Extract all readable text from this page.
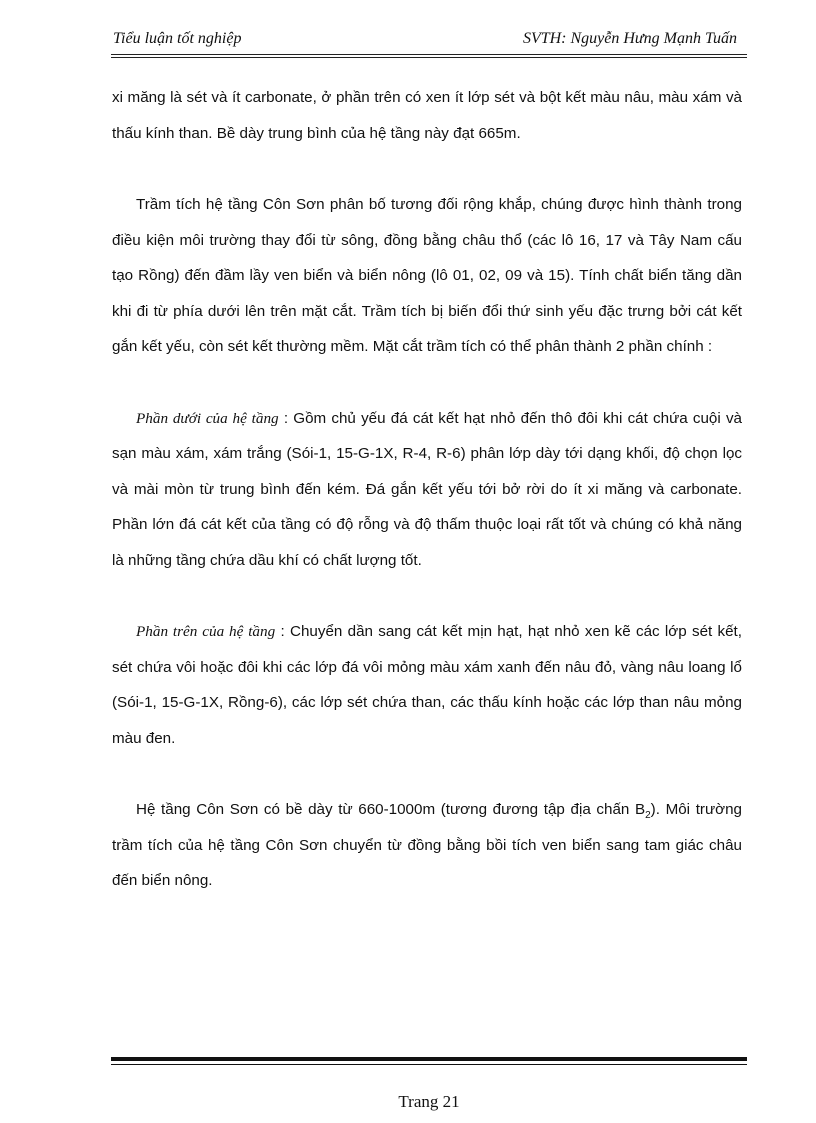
Tiểu luận tốt nghiệp	SVTH: Nguyễn Hưng Mạnh Tuấn

xi măng là sét và ít carbonate, ở phần trên có xen ít lớp sét và bột kết màu nâu, màu xám và thấu kính than. Bề dày trung bình của hệ tầng này đạt 665m.

Trầm tích hệ tầng Côn Sơn phân bố tương đối rộng khắp, chúng được hình thành trong điều kiện môi trường thay đổi từ sông, đồng bằng châu thổ (các lô 16, 17 và Tây Nam cấu tạo Rồng) đến đầm lầy ven biển và biển nông (lô 01, 02, 09 và 15). Tính chất biển tăng dần khi đi từ phía dưới lên trên mặt cắt. Trầm tích bị biến đổi thứ sinh yếu đặc trưng bởi cát kết gắn kết yếu, còn sét kết thường mềm. Mặt cắt trầm tích có thể phân thành 2 phần chính :

Phần dưới của hệ tầng : Gồm chủ yếu đá cát kết hạt nhỏ đến thô đôi khi cát chứa cuội và sạn màu xám, xám trắng (Sói-1, 15-G-1X, R-4, R-6) phân lớp dày tới dạng khối, độ chọn lọc và mài mòn từ trung bình đến kém. Đá gắn kết yếu tới bở rời do ít xi măng và carbonate. Phần lớn đá cát kết của tầng có độ rỗng và độ thấm thuộc loại rất tốt và chúng có khả năng là những tầng chứa dầu khí có chất lượng tốt.

Phần trên của hệ tầng : Chuyển dần sang cát kết mịn hạt, hạt nhỏ xen kẽ các lớp sét kết, sét chứa vôi hoặc đôi khi các lớp đá vôi mỏng màu xám xanh đến nâu đỏ, vàng nâu loang lổ (Sói-1, 15-G-1X, Rồng-6), các lớp sét chứa than, các thấu kính hoặc các lớp than nâu mỏng màu đen.

Hệ tầng Côn Sơn có bề dày từ 660-1000m (tương đương tập địa chấn $B_2$). Môi trường trầm tích của hệ tầng Côn Sơn chuyển từ đồng bằng bồi tích ven biển sang tam giác châu đến biển nông.

Trang 21
